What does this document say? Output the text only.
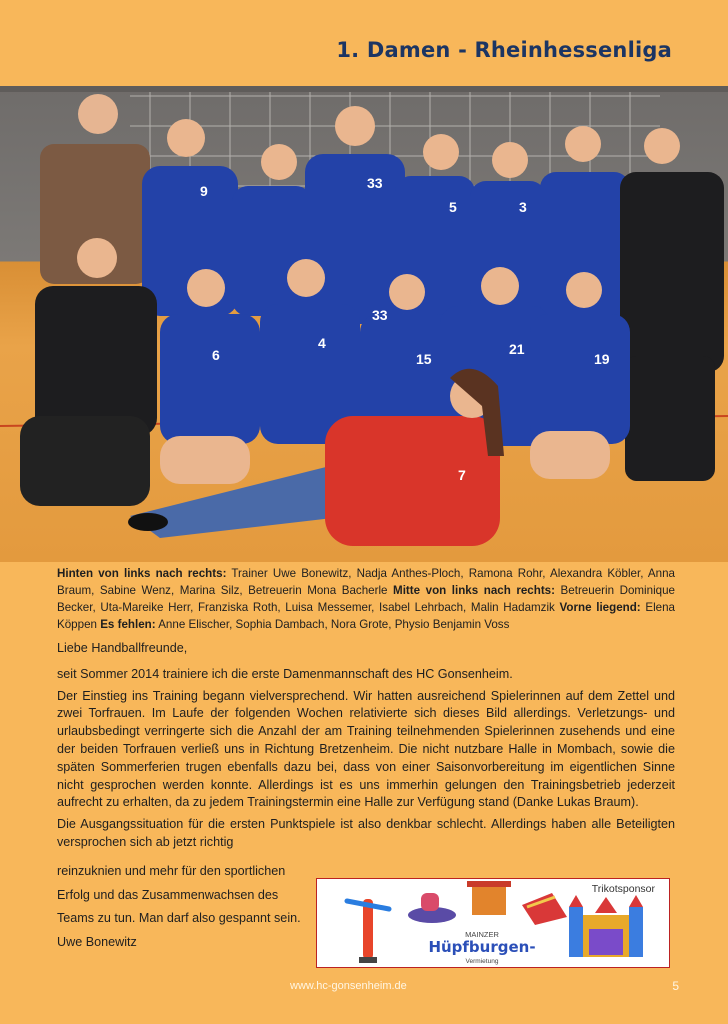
1. Damen - Rheinhessenliga
9	33
5	3
6
4
33
15
21
19
7
Hinten von links nach rechts: Trainer Uwe Bonewitz, Nadja Anthes-Ploch, Ramona Rohr, Alexandra Köbler, Anna Braum, Sabine Wenz, Marina Silz, Betreuerin Mona Bacherle Mitte von links nach rechts: Betreuerin Dominique Becker, Uta-Mareike Herr, Franziska Roth, Luisa Messemer, Isabel Lehrbach, Malin Hadamzik Vorne liegend: Elena Köppen Es fehlen: Anne Elischer, Sophia Dambach, Nora Grote, Physio Benjamin Voss

Liebe Handballfreunde,

seit Sommer 2014 trainiere ich die erste Damenmannschaft des HC Gonsenheim.

Der Einstieg ins Training begann vielversprechend. Wir hatten ausreichend Spielerinnen auf dem Zettel und zwei Torfrauen. Im Laufe der folgenden Wochen relativierte sich dieses Bild allerdings. Verletzungs- und urlaubsbedingt verringerte sich die Anzahl der am Training teilnehmenden Spielerinnen zusehends und eine der beiden Torfrauen verließ uns in Richtung Bretzenheim. Die nicht nutzbare Halle in Mombach, sowie die späten Sommerferien trugen ebenfalls dazu bei, dass von einer Saisonvorbereitung im eigentlichen Sinne nicht gesprochen werden konnte. Allerdings ist es uns immerhin gelungen den Trainingsbetrieb jederzeit aufrecht zu erhalten, da zu jedem Trainingstermin eine Halle zur Verfügung stand (Danke Lukas Braum).

Die Ausgangssituation für die ersten Punktspiele ist also denkbar schlecht. Allerdings haben alle Beteiligten versprochen sich ab jetzt richtig

reinzuknien und mehr für den sportlichen
Erfolg und das Zusammenwachsen des
Teams zu tun. Man darf also gespannt sein.
Uwe Bonewitz
Trikotsponsor
MAINZER
Hüpfburgen-
Vermietung
www.hc-gonsenheim.de	5
